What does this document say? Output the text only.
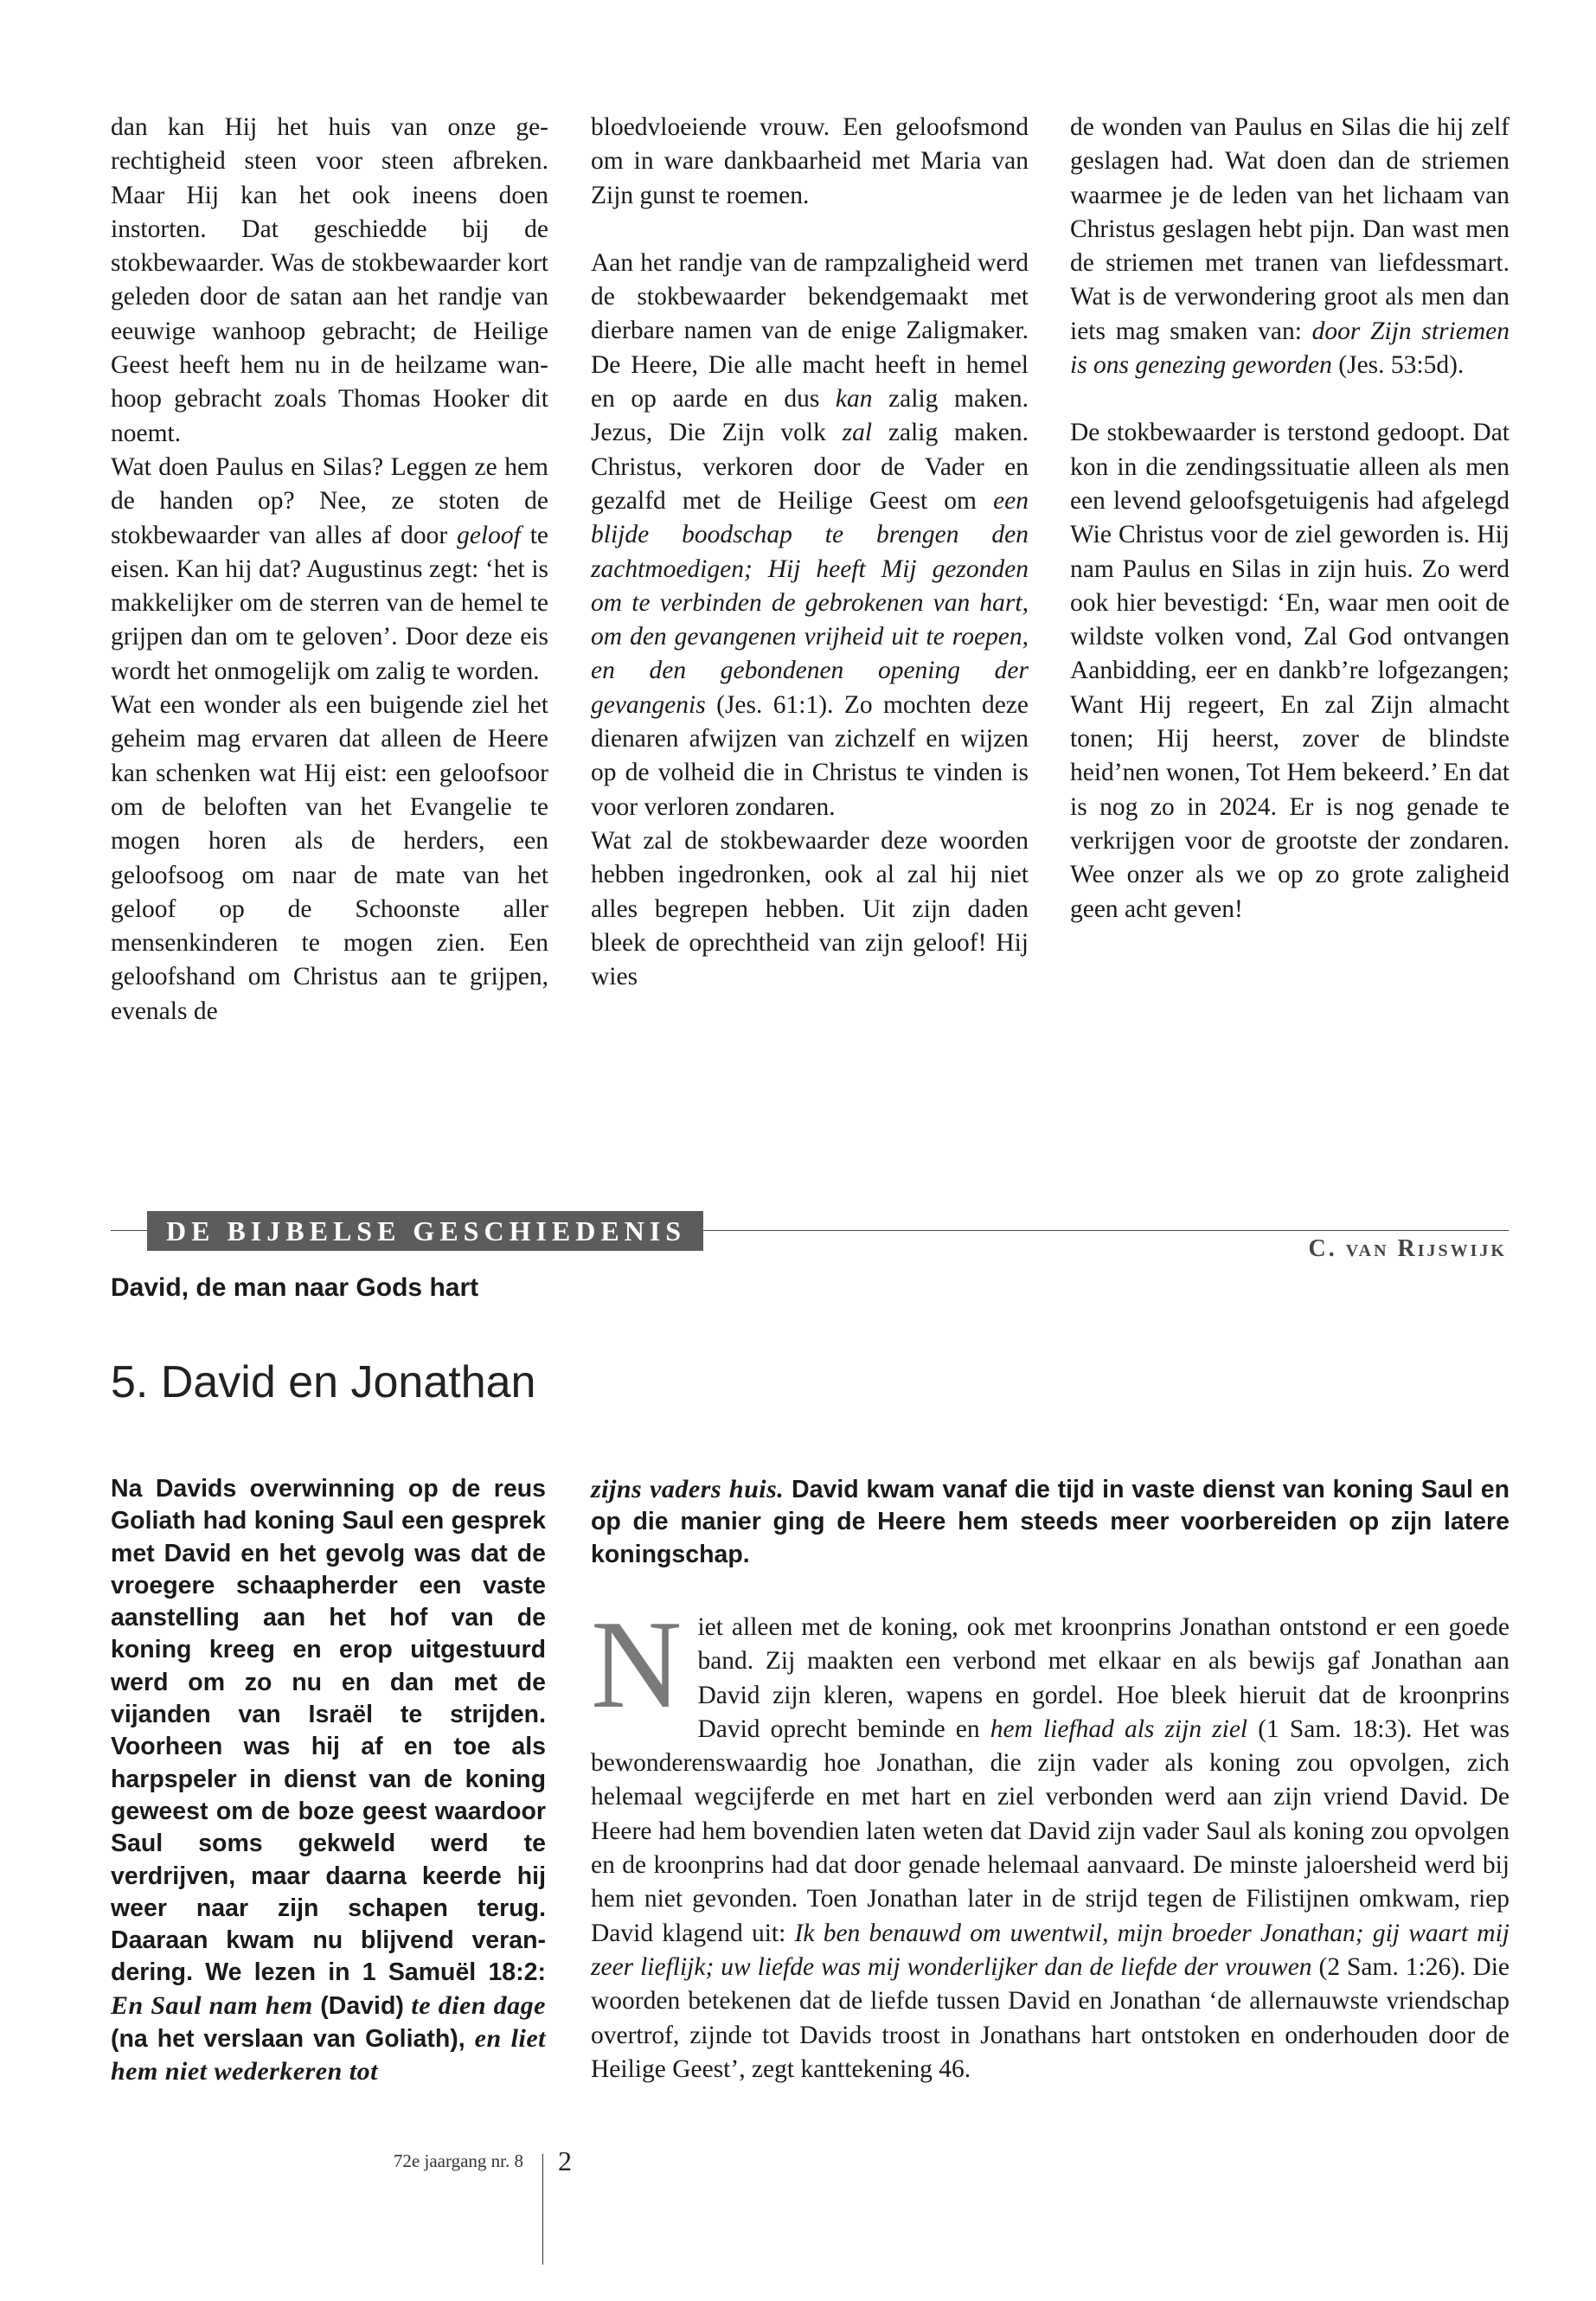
dan kan Hij het huis van onze gerechtigheid steen voor steen afbreken. Maar Hij kan het ook ineens doen instorten. Dat geschiedde bij de stokbewaarder. Was de stokbewaarder kort geleden door de satan aan het randje van eeuwige wanhoop gebracht; de Heilige Geest heeft hem nu in de heilzame wanhoop gebracht zoals Thomas Hooker dit noemt.

Wat doen Paulus en Silas? Leggen ze hem de handen op? Nee, ze stoten de stokbewaarder van alles af door geloof te eisen. Kan hij dat? Augustinus zegt: ‘het is makkelijker om de sterren van de hemel te grijpen dan om te geloven’. Door deze eis wordt het onmogelijk om zalig te worden.

Wat een wonder als een buigende ziel het geheim mag ervaren dat alleen de Heere kan schenken wat Hij eist: een geloofsoor om de beloften van het Evangelie te mogen horen als de herders, een geloofsoog om naar de mate van het geloof op de Schoonste aller mensenkinderen te mogen zien. Een geloofshand om Christus aan te grijpen, evenals de

bloedvloeiende vrouw. Een geloofsmond om in ware dankbaarheid met Maria van Zijn gunst te roemen.

Aan het randje van de rampzaligheid werd de stokbewaarder bekendgemaakt met dierbare namen van de enige Zaligmaker. De Heere, Die alle macht heeft in hemel en op aarde en dus kan zalig maken. Jezus, Die Zijn volk zal zalig maken. Christus, verkoren door de Vader en gezalfd met de Heilige Geest om een blijde boodschap te brengen den zachtmoedigen; Hij heeft Mij gezonden om te verbinden de gebrokenen van hart, om den gevangenen vrijheid uit te roepen, en den gebondenen opening der gevangenis (Jes. 61:1). Zo mochten deze dienaren afwijzen van zichzelf en wijzen op de volheid die in Christus te vinden is voor verloren zondaren.

Wat zal de stokbewaarder deze woorden hebben ingedronken, ook al zal hij niet alles begrepen hebben. Uit zijn daden bleek de oprechtheid van zijn geloof! Hij wies

de wonden van Paulus en Silas die hij zelf geslagen had. Wat doen dan de striemen waarmee je de leden van het lichaam van Christus geslagen hebt pijn. Dan wast men de striemen met tranen van liefdessmart. Wat is de verwondering groot als men dan iets mag smaken van: door Zijn striemen is ons genezing geworden (Jes. 53:5d).

De stokbewaarder is terstond gedoopt. Dat kon in die zendingssituatie alleen als men een levend geloofsgetuigenis had afgelegd Wie Christus voor de ziel geworden is. Hij nam Paulus en Silas in zijn huis. Zo werd ook hier bevestigd: ‘En, waar men ooit de wildste volken vond, Zal God ontvangen Aanbidding, eer en dankb’re lofgezangen; Want Hij regeert, En zal Zijn almacht tonen; Hij heerst, zover de blindste heid’nen wonen, Tot Hem bekeerd.’ En dat is nog zo in 2024. Er is nog genade te verkrijgen voor de grootste der zondaren. Wee onzer als we op zo grote zaligheid geen acht geven!

DE BIJBELSE GESCHIEDENIS
C. van Rijswijk
David, de man naar Gods hart
5. David en Jonathan

Na Davids overwinning op de reus Goliath had koning Saul een gesprek met David en het gevolg was dat de vroegere schaapherder een vaste aanstelling aan het hof van de koning kreeg en erop uitgestuurd werd om zo nu en dan met de vijanden van Israël te strijden. Voorheen was hij af en toe als harpspeler in dienst van de koning geweest om de boze geest waardoor Saul soms gekweld werd te verdrijven, maar daarna keerde hij weer naar zijn schapen terug. Daaraan kwam nu blijvend verandering. We lezen in 1 Samuël 18:2: En Saul nam hem (David) te dien dage (na het verslaan van Goliath), en liet hem niet wederkeren tot

zijns vaders huis. David kwam vanaf die tijd in vaste dienst van koning Saul en op die manier ging de Heere hem steeds meer voorbereiden op zijn latere koningschap.

Niet alleen met de koning, ook met kroonprins Jonathan ontstond er een goede band. Zij maakten een verbond met elkaar en als bewijs gaf Jonathan aan David zijn kleren, wapens en gordel. Hoe bleek hieruit dat de kroonprins David oprecht beminde en hem liefhad als zijn ziel (1 Sam. 18:3). Het was bewonderenswaardig hoe Jonathan, die zijn vader als koning zou opvolgen, zich helemaal wegcijferde en met hart en ziel verbonden werd aan zijn vriend David. De Heere had hem bovendien laten weten dat David zijn vader Saul als koning zou opvolgen en de kroonprins had dat door genade helemaal aanvaard. De minste jaloersheid werd bij hem niet gevonden. Toen Jonathan later in de strijd tegen de Filistijnen omkwam, riep David klagend uit: Ik ben benauwd om uwentwil, mijn broeder Jonathan; gij waart mij zeer lieflijk; uw liefde was mij wonderlijker dan de liefde der vrouwen (2 Sam. 1:26). Die woorden betekenen dat de liefde tussen David en Jonathan ‘de allernauwste vriendschap overtrof, zijnde tot Davids troost in Jonathans hart ontstoken en onderhouden door de Heilige Geest’, zegt kanttekening 46.

72e jaargang nr. 8 2
